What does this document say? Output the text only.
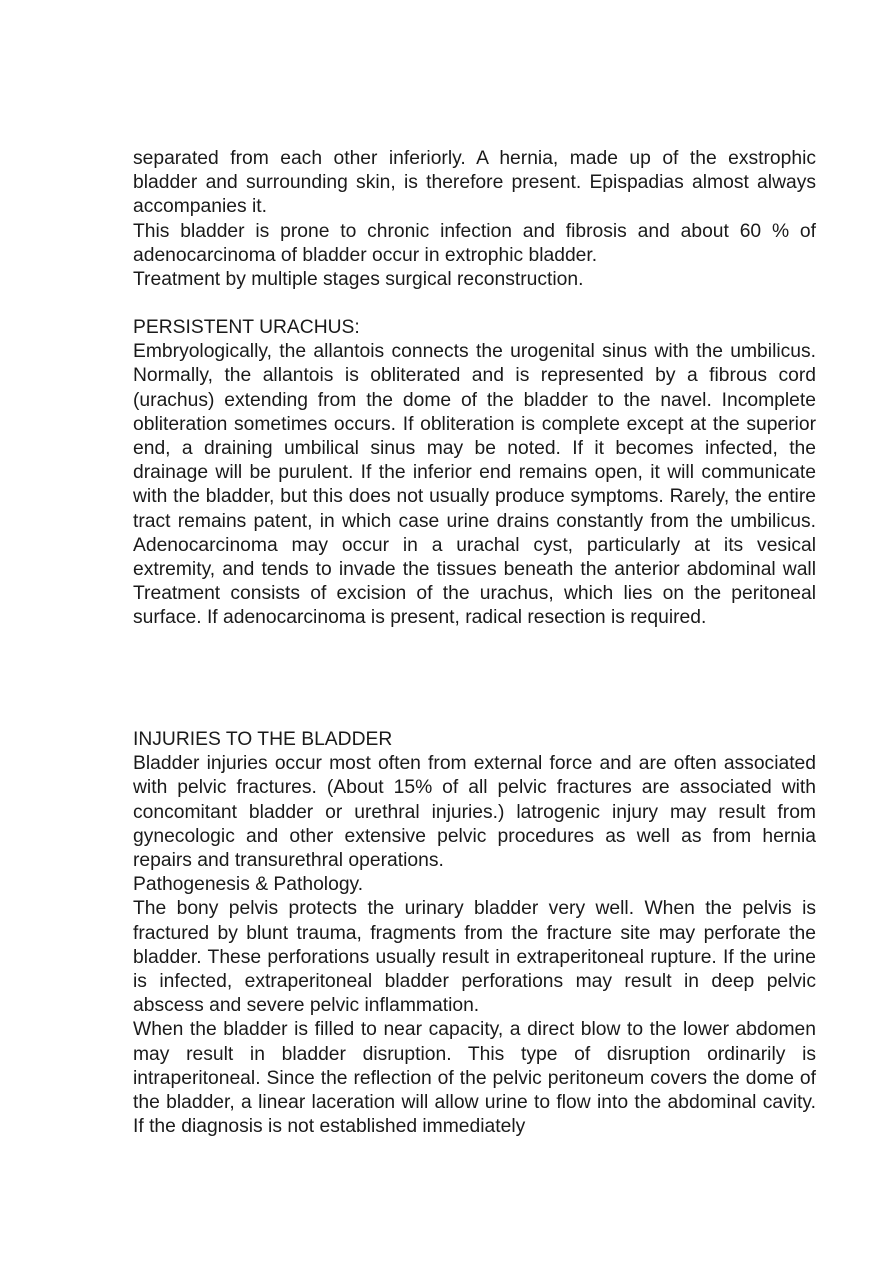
separated from each other inferiorly. A hernia, made up of the exstrophic bladder and surrounding skin, is therefore present. Epispadias almost always accompanies it.

This bladder is prone to chronic infection and fibrosis and about 60 % of adenocarcinoma of bladder occur in extrophic bladder.

Treatment by multiple stages surgical reconstruction.

PERSISTENT URACHUS:

Embryologically, the allantois connects the urogenital sinus with the umbilicus. Normally, the allantois is obliterated and is represented by a fibrous cord (urachus) extending from the dome of the bladder to the navel. Incomplete obliteration sometimes occurs. If obliteration is complete except at the superior end, a draining umbilical sinus may be noted. If it becomes infected, the drainage will be purulent. If the inferior end remains open, it will communicate with the bladder, but this does not usually produce symptoms. Rarely, the entire tract remains patent, in which case urine drains constantly from the umbilicus. Adenocarcinoma may occur in a urachal cyst, particularly at its vesical extremity, and tends to invade the tissues beneath the anterior abdominal wall Treatment consists of excision of the urachus, which lies on the peritoneal surface. If adenocarcinoma is present, radical resection is required.

INJURIES TO THE BLADDER

Bladder injuries occur most often from external force and are often associated with pelvic fractures. (About 15% of all pelvic fractures are associated with concomitant bladder or urethral injuries.) latrogenic injury may result from gynecologic and other extensive pelvic procedures as well as from hernia repairs and transurethral operations.

Pathogenesis & Pathology.

The bony pelvis protects the urinary bladder very well. When the pelvis is fractured by blunt trauma, fragments from the fracture site may perforate the bladder. These perforations usually result in extraperitoneal rupture. If the urine is infected, extraperitoneal bladder perforations may result in deep pelvic abscess and severe pelvic inflammation.

When the bladder is filled to near capacity, a direct blow to the lower abdomen may result in bladder disruption. This type of disruption ordinarily is intraperitoneal. Since the reflection of the pelvic peritoneum covers the dome of the bladder, a linear laceration will allow urine to flow into the abdominal cavity. If the diagnosis is not established immediately
